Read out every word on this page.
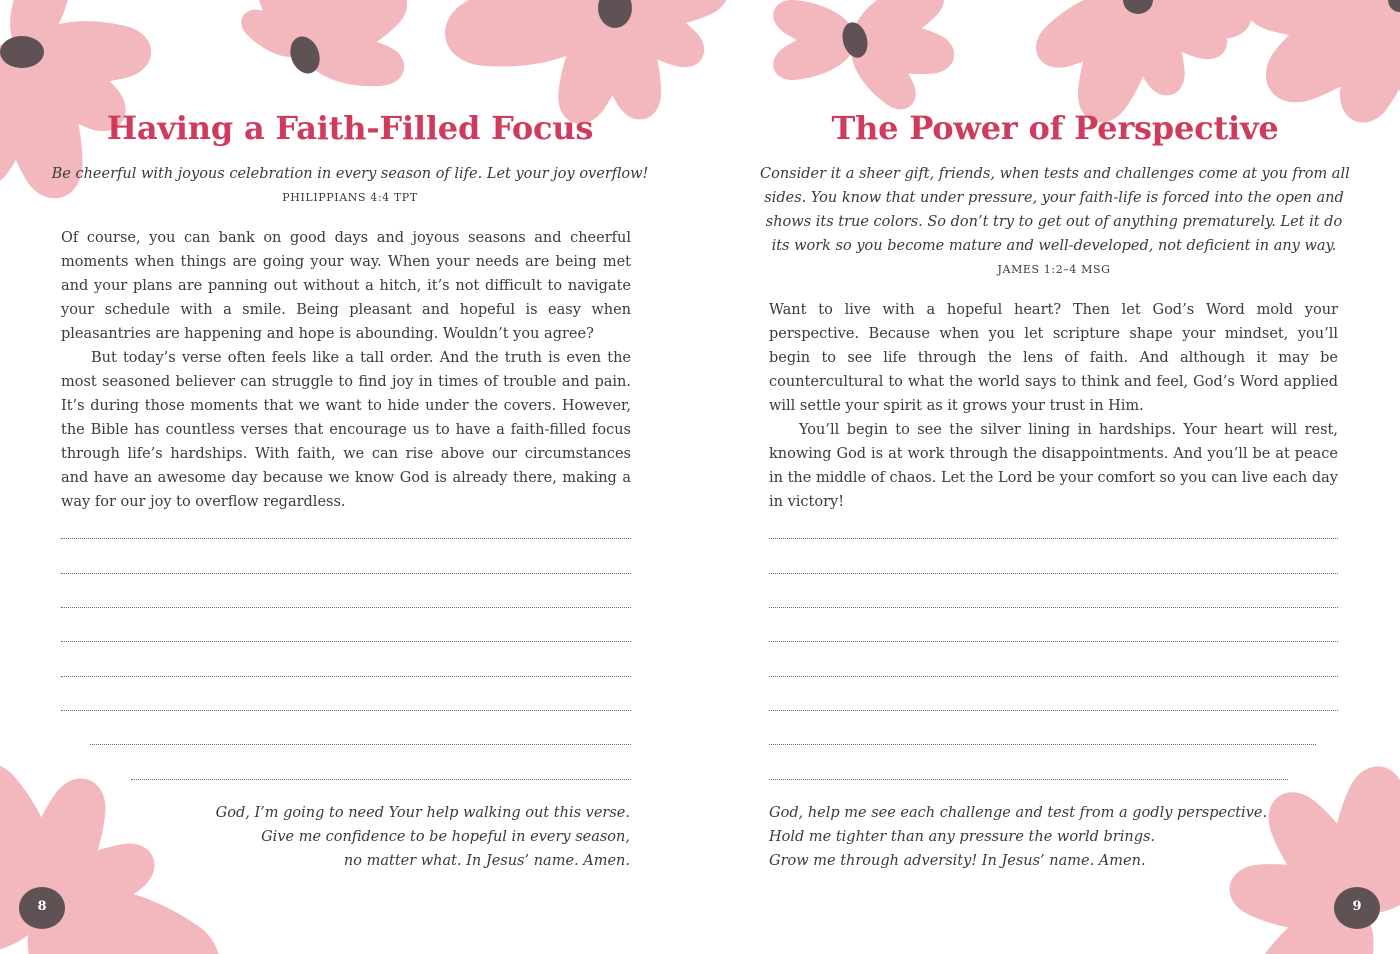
Having a Faith-Filled Focus

Be cheerful with joyous celebration in every season of life. Let your joy overflow!

PHILIPPIANS 4:4 TPT

Of course, you can bank on good days and joyous seasons and cheerful moments when things are going your way. When your needs are being met and your plans are panning out without a hitch, it’s not difficult to navigate your schedule with a smile. Being pleasant and hopeful is easy when pleasantries are happening and hope is abounding. Wouldn’t you agree?

But today’s verse often feels like a tall order. And the truth is even the most seasoned believer can struggle to find joy in times of trouble and pain. It’s during those moments that we want to hide under the covers. However, the Bible has countless verses that encourage us to have a faith-filled focus through life’s hardships. With faith, we can rise above our circumstances and have an awesome day because we know God is already there, making a way for our joy to overflow regardless.

God, I’m going to need Your help walking out this verse.
Give me confidence to be hopeful in every season,
no matter what. In Jesus’ name. Amen.
8
The Power of Perspective
Consider it a sheer gift, friends, when tests and challenges come at you from all
sides. You know that under pressure, your faith-life is forced into the open and
shows its true colors. So don’t try to get out of anything prematurely. Let it do
its work so you become mature and well-developed, not deficient in any way.

JAMES 1:2–4 MSG

Want to live with a hopeful heart? Then let God’s Word mold your perspective. Because when you let scripture shape your mindset, you’ll begin to see life through the lens of faith. And although it may be countercultural to what the world says to think and feel, God’s Word applied will settle your spirit as it grows your trust in Him.

You’ll begin to see the silver lining in hardships. Your heart will rest, knowing God is at work through the disappointments. And you’ll be at peace in the middle of chaos. Let the Lord be your comfort so you can live each day in victory!

God, help me see each challenge and test from a godly perspective.
Hold me tighter than any pressure the world brings.
Grow me through adversity! In Jesus’ name. Amen.
9
